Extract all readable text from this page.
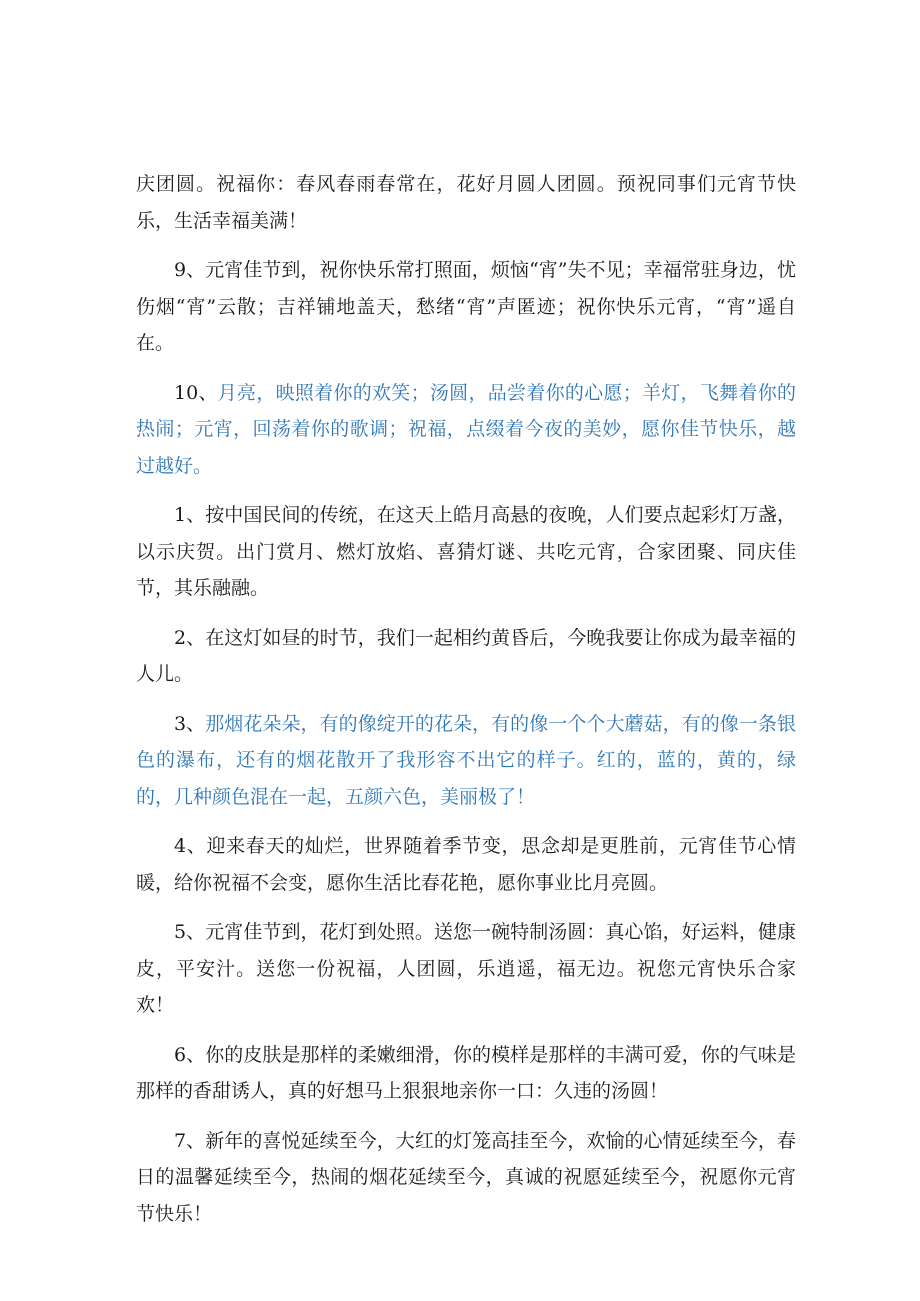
庆团圆。祝福你：春风春雨春常在，花好月圆人团圆。预祝同事们元宵节快乐，生活幸福美满！

9、元宵佳节到，祝你快乐常打照面，烦恼“宵”失不见；幸福常驻身边，忧伤烟“宵”云散；吉祥铺地盖天，愁绪“宵”声匿迹；祝你快乐元宵，“宵”遥自在。

10、月亮，映照着你的欢笑；汤圆，品尝着你的心愿；羊灯，飞舞着你的热闹；元宵，回荡着你的歌调；祝福，点缀着今夜的美妙，愿你佳节快乐，越过越好。

1、按中国民间的传统，在这天上皓月高悬的夜晚，人们要点起彩灯万盏，以示庆贺。出门赏月、燃灯放焰、喜猜灯谜、共吃元宵，合家团聚、同庆佳节，其乐融融。

2、在这灯如昼的时节，我们一起相约黄昏后，今晚我要让你成为最幸福的人儿。

3、那烟花朵朵，有的像绽开的花朵，有的像一个个大蘑菇，有的像一条银色的瀑布，还有的烟花散开了我形容不出它的样子。红的，蓝的，黄的，绿的，几种颜色混在一起，五颜六色，美丽极了！

4、迎来春天的灿烂，世界随着季节变，思念却是更胜前，元宵佳节心情暖，给你祝福不会变，愿你生活比春花艳，愿你事业比月亮圆。

5、元宵佳节到，花灯到处照。送您一碗特制汤圆：真心馅，好运料，健康皮，平安汁。送您一份祝福，人团圆，乐逍遥，福无边。祝您元宵快乐合家欢！

6、你的皮肤是那样的柔嫩细滑，你的模样是那样的丰满可爱，你的气味是那样的香甜诱人，真的好想马上狠狠地亲你一口：久违的汤圆！

7、新年的喜悦延续至今，大红的灯笼高挂至今，欢愉的心情延续至今，春日的温馨延续至今，热闹的烟花延续至今，真诚的祝愿延续至今，祝愿你元宵节快乐！
